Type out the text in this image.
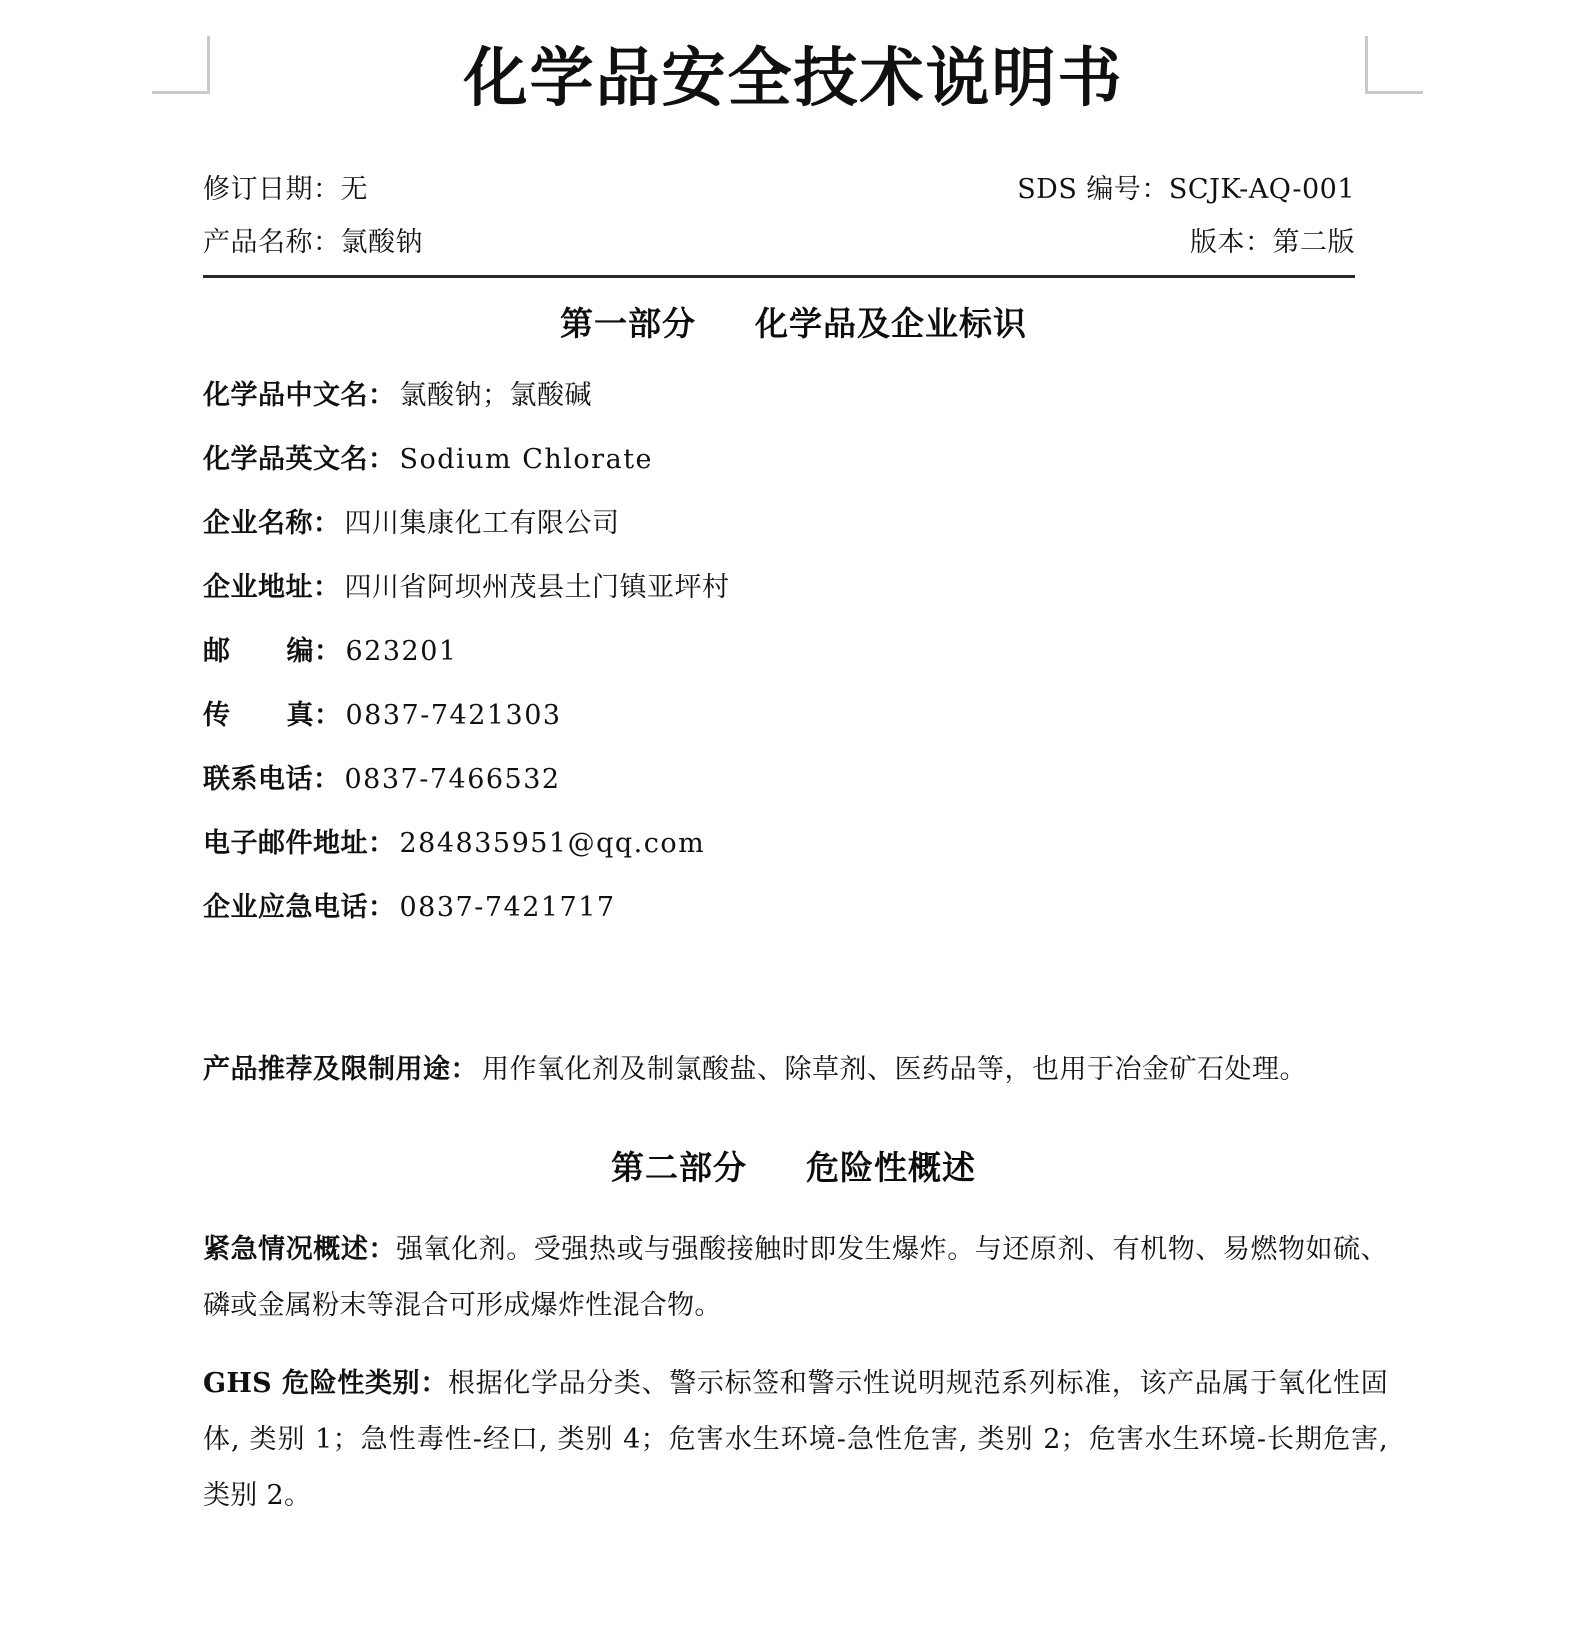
化学品安全技术说明书
修订日期：无	SDS 编号：SCJK-AQ-001
产品名称：氯酸钠	版本：第二版
第一部分 化学品及企业标识
化学品中文名： 氯酸钠；氯酸碱
化学品英文名： Sodium Chlorate
企业名称： 四川集康化工有限公司
企业地址： 四川省阿坝州茂县土门镇亚坪村
邮 编： 623201
传 真： 0837-7421303
联系电话： 0837-7466532
电子邮件地址： 284835951@qq.com
企业应急电话： 0837-7421717
产品推荐及限制用途： 用作氧化剂及制氯酸盐、除草剂、医药品等，也用于冶金矿石处理。
第二部分 危险性概述
紧急情况概述：强氧化剂。受强热或与强酸接触时即发生爆炸。与还原剂、有机物、易燃物如硫、磷或金属粉末等混合可形成爆炸性混合物。
GHS 危险性类别：根据化学品分类、警示标签和警示性说明规范系列标准，该产品属于氧化性固体, 类别 1；急性毒性-经口, 类别 4；危害水生环境-急性危害, 类别 2；危害水生环境-长期危害, 类别 2。
